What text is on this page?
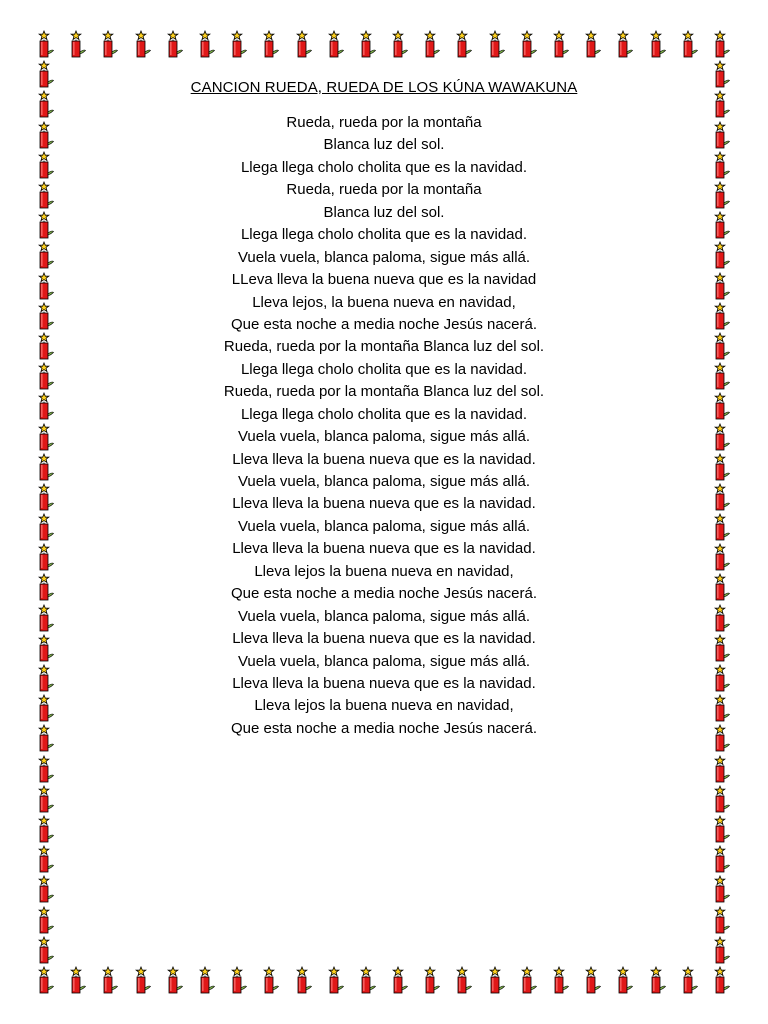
CANCION RUEDA, RUEDA DE LOS KÚNA WAWAKUNA
Rueda, rueda por la montaña
Blanca luz del sol.
Llega llega cholo cholita que es la navidad.
Rueda, rueda por la montaña
Blanca luz del sol.
Llega llega cholo cholita que es la navidad.
Vuela vuela, blanca paloma, sigue más allá.
LLeva lleva la buena nueva que es la navidad
Lleva lejos, la buena nueva en navidad,
Que esta noche a media noche Jesús nacerá.
Rueda, rueda por la montaña Blanca luz del sol.
Llega llega cholo cholita que es la navidad.
Rueda, rueda por la montaña Blanca luz del sol.
Llega llega cholo cholita que es la navidad.
Vuela vuela, blanca paloma, sigue más allá.
Lleva lleva la buena nueva que es la navidad.
Vuela vuela, blanca paloma, sigue más allá.
Lleva lleva la buena nueva que es la navidad.
Vuela vuela, blanca paloma, sigue más allá.
Lleva lleva la buena nueva que es la navidad.
Lleva lejos la buena nueva en navidad,
Que esta noche a media noche Jesús nacerá.
Vuela vuela, blanca paloma, sigue más allá.
Lleva lleva la buena nueva que es la navidad.
Vuela vuela, blanca paloma, sigue más allá.
Lleva lleva la buena nueva que es la navidad.
Lleva lejos la buena nueva en navidad,
Que esta noche a media noche Jesús nacerá.
